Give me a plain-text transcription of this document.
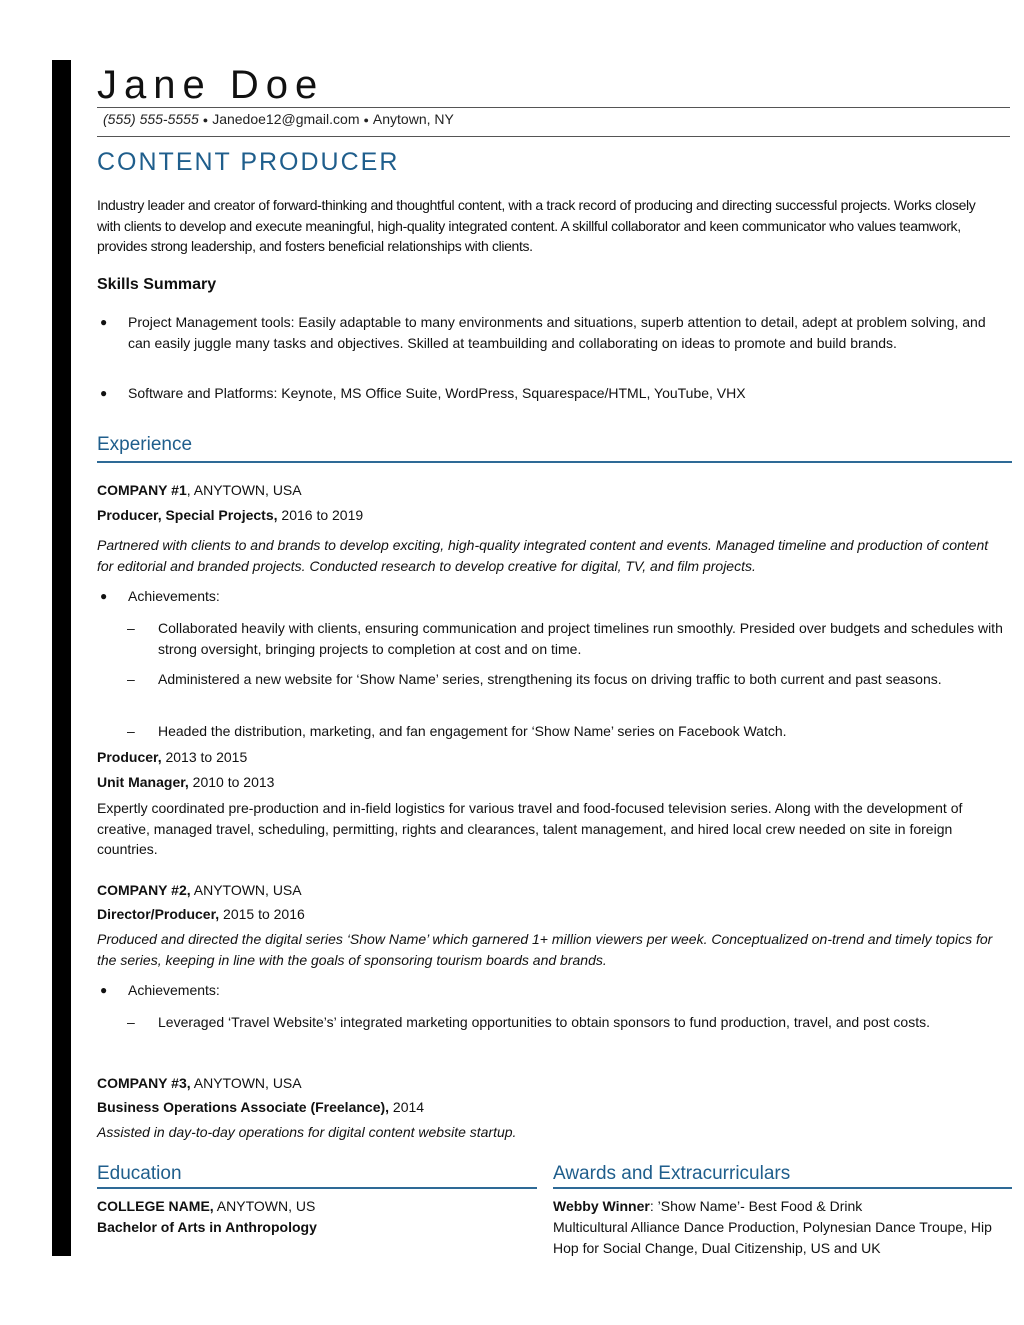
Jane Doe
(555) 555-5555 ● Janedoe12@gmail.com ● Anytown, NY
CONTENT PRODUCER
Industry leader and creator of forward-thinking and thoughtful content, with a track record of producing and directing successful projects. Works closely with clients to develop and execute meaningful, high-quality integrated content. A skillful collaborator and keen communicator who values teamwork, provides strong leadership, and fosters beneficial relationships with clients.
Skills Summary
● Project Management tools: Easily adaptable to many environments and situations, superb attention to detail, adept at problem solving, and can easily juggle many tasks and objectives. Skilled at teambuilding and collaborating on ideas to promote and build brands.
● Software and Platforms: Keynote, MS Office Suite, WordPress, Squarespace/HTML, YouTube, VHX
Experience
COMPANY #1, ANYTOWN, USA
Producer, Special Projects, 2016 to 2019
Partnered with clients to and brands to develop exciting, high-quality integrated content and events. Managed timeline and production of content for editorial and branded projects. Conducted research to develop creative for digital, TV, and film projects.
● Achievements:
– Collaborated heavily with clients, ensuring communication and project timelines run smoothly. Presided over budgets and schedules with strong oversight, bringing projects to completion at cost and on time.
– Administered a new website for ‘Show Name’ series, strengthening its focus on driving traffic to both current and past seasons.
– Headed the distribution, marketing, and fan engagement for ‘Show Name’ series on Facebook Watch.
Producer, 2013 to 2015
Unit Manager, 2010 to 2013
Expertly coordinated pre-production and in-field logistics for various travel and food-focused television series. Along with the development of creative, managed travel, scheduling, permitting, rights and clearances, talent management, and hired local crew needed on site in foreign countries.
COMPANY #2, ANYTOWN, USA
Director/Producer, 2015 to 2016
Produced and directed the digital series ‘Show Name’ which garnered 1+ million viewers per week. Conceptualized on-trend and timely topics for the series, keeping in line with the goals of sponsoring tourism boards and brands.
● Achievements:
– Leveraged ‘Travel Website’s’ integrated marketing opportunities to obtain sponsors to fund production, travel, and post costs.
COMPANY #3, ANYTOWN, USA
Business Operations Associate (Freelance), 2014
Assisted in day-to-day operations for digital content website startup.
Education
COLLEGE NAME, ANYTOWN, US
Bachelor of Arts in Anthropology
Awards and Extracurriculars
Webby Winner: ’Show Name’- Best Food & Drink
Multicultural Alliance Dance Production, Polynesian Dance Troupe, Hip Hop for Social Change, Dual Citizenship, US and UK
